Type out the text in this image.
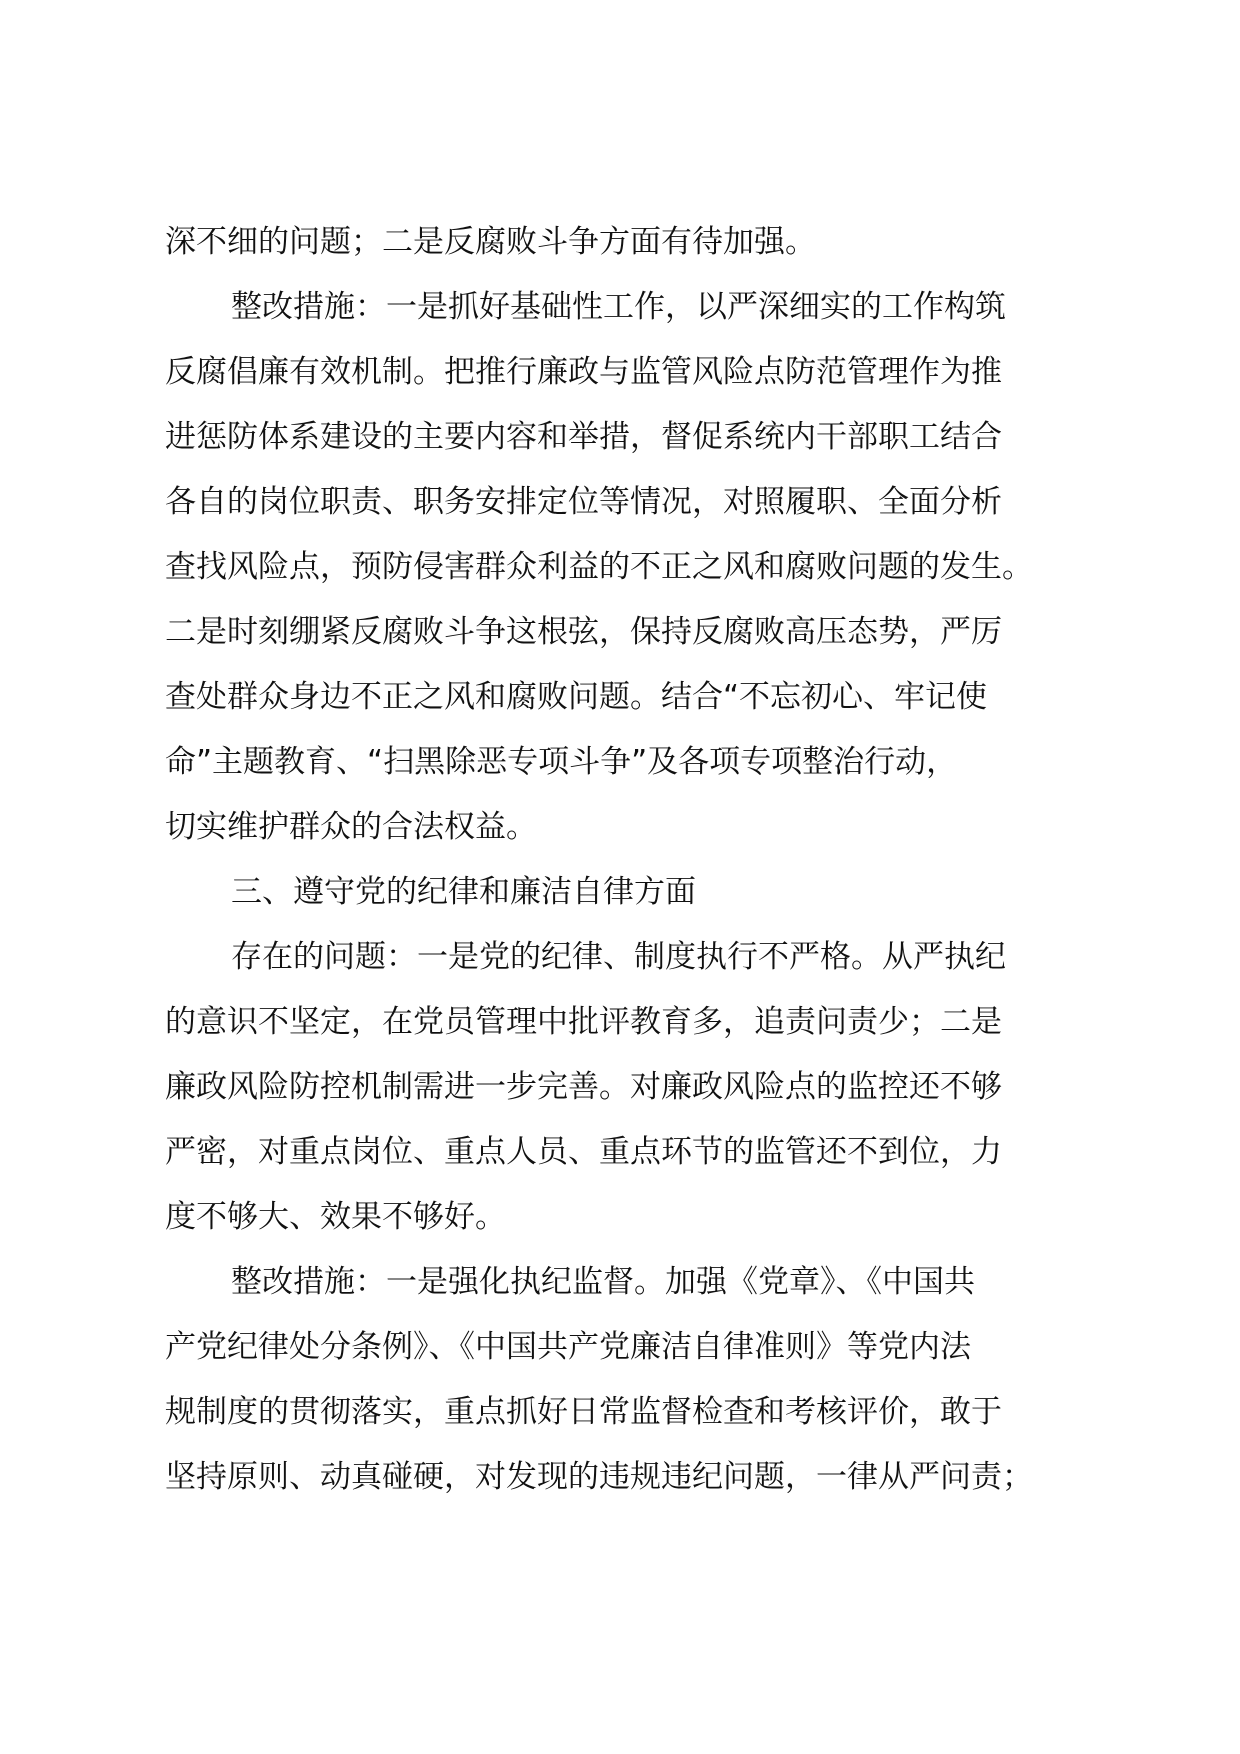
深不细的问题；二是反腐败斗争方面有待加强。
整改措施：一是抓好基础性工作，以严深细实的工作构筑
反腐倡廉有效机制。把推行廉政与监管风险点防范管理作为推
进惩防体系建设的主要内容和举措，督促系统内干部职工结合
各自的岗位职责、职务安排定位等情况，对照履职、全面分析
查找风险点，预防侵害群众利益的不正之风和腐败问题的发生。
二是时刻绷紧反腐败斗争这根弦，保持反腐败高压态势，严厉
查处群众身边不正之风和腐败问题。结合“不忘初心、牢记使
命”主题教育、“扫黑除恶专项斗争”及各项专项整治行动，
切实维护群众的合法权益。
三、遵守党的纪律和廉洁自律方面
存在的问题：一是党的纪律、制度执行不严格。从严执纪
的意识不坚定，在党员管理中批评教育多，追责问责少；二是
廉政风险防控机制需进一步完善。对廉政风险点的监控还不够
严密，对重点岗位、重点人员、重点环节的监管还不到位，力
度不够大、效果不够好。
整改措施：一是强化执纪监督。加强《党章》、《中国共
产党纪律处分条例》、《中国共产党廉洁自律准则》等党内法
规制度的贯彻落实，重点抓好日常监督检查和考核评价，敢于
坚持原则、动真碰硬，对发现的违规违纪问题，一律从严问责；
